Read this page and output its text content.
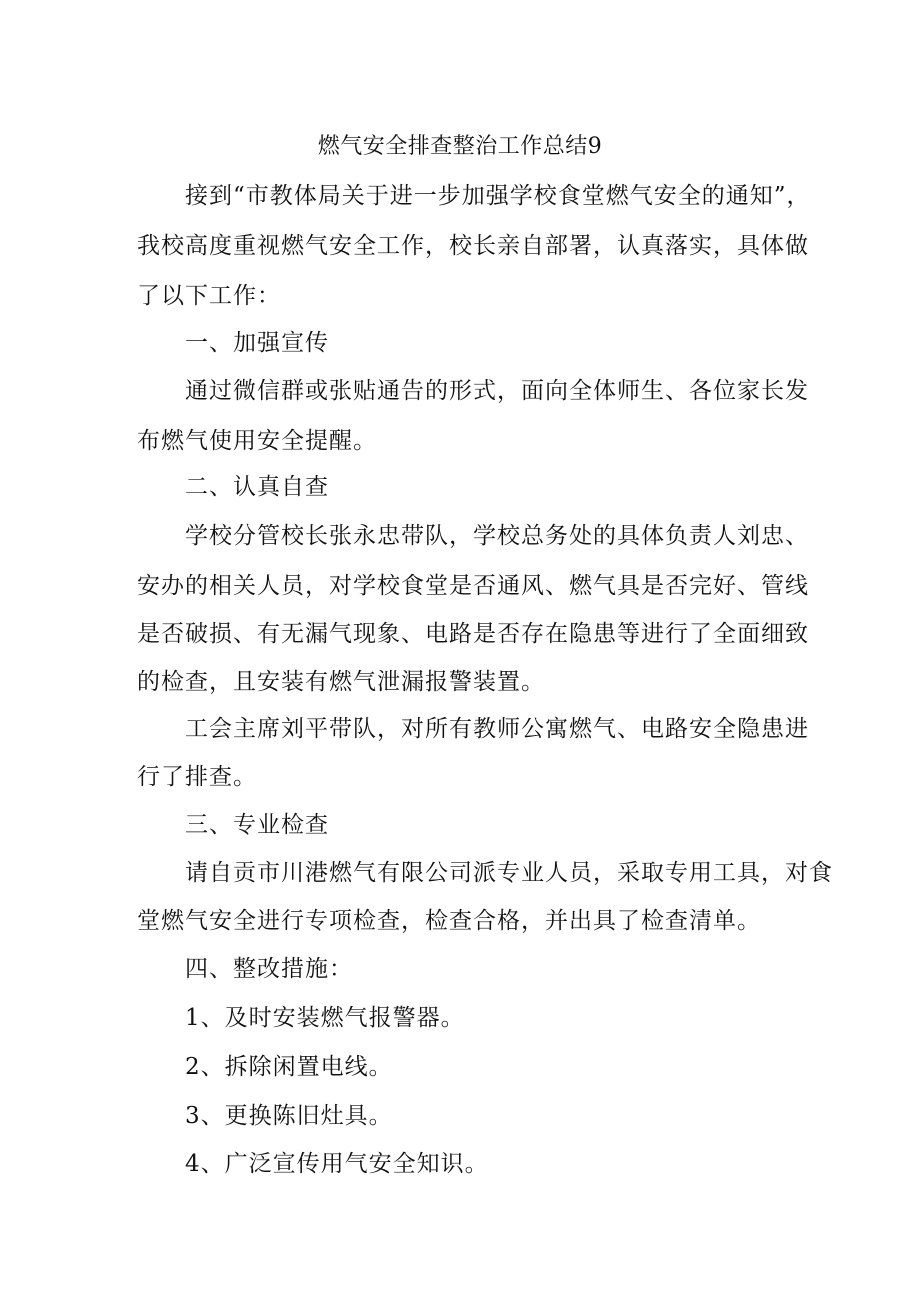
燃气安全排查整治工作总结9
接到“市教体局关于进一步加强学校食堂燃气安全的通知”，
我校高度重视燃气安全工作，校长亲自部署，认真落实，具体做
了以下工作：
一、加强宣传
通过微信群或张贴通告的形式，面向全体师生、各位家长发
布燃气使用安全提醒。
二、认真自查
学校分管校长张永忠带队，学校总务处的具体负责人刘忠、
安办的相关人员，对学校食堂是否通风、燃气具是否完好、管线
是否破损、有无漏气现象、电路是否存在隐患等进行了全面细致
的检查，且安装有燃气泄漏报警装置。
工会主席刘平带队，对所有教师公寓燃气、电路安全隐患进
行了排查。
三、专业检查
请自贡市川港燃气有限公司派专业人员，采取专用工具，对食
堂燃气安全进行专项检查，检查合格，并出具了检查清单。
四、整改措施：
1、及时安装燃气报警器。
2、拆除闲置电线。
3、更换陈旧灶具。
4、广泛宣传用气安全知识。
